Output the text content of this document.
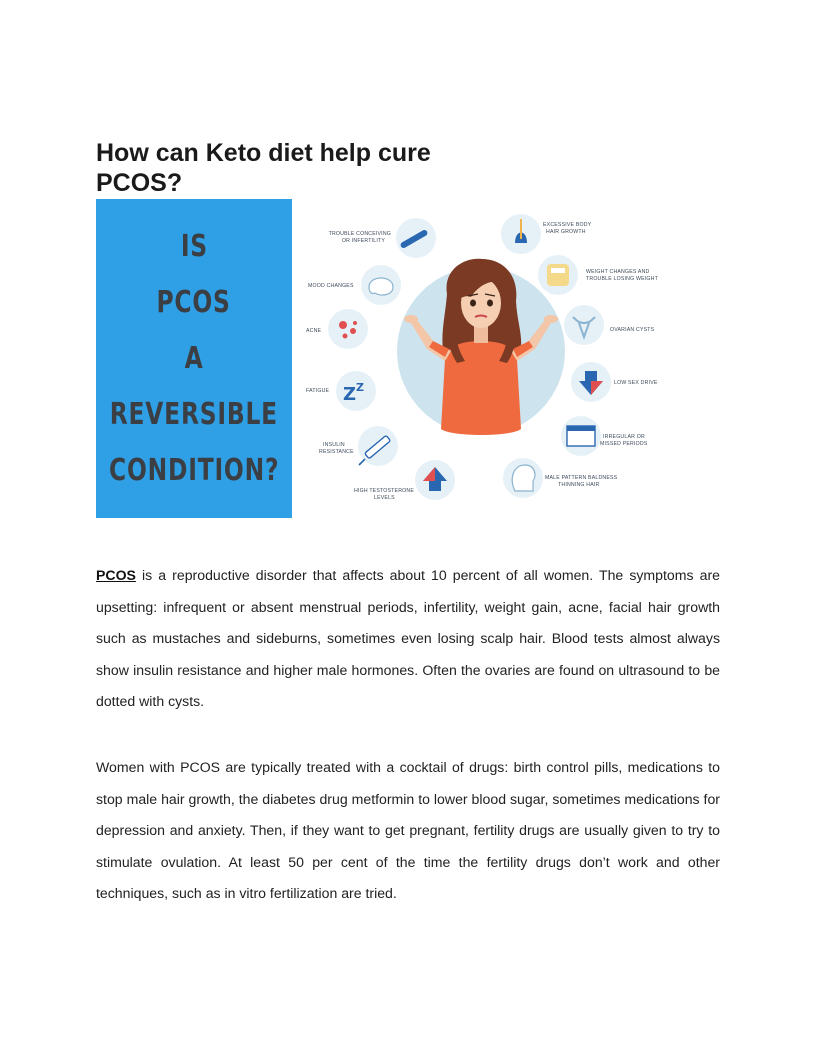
How can Keto diet help cure PCOS?
IS
PCOS
A
REVERSIBLE
CONDITION?
Z Z
TROUBLE CONCEIVING
OR INFERTILITY
EXCESSIVE BODY
HAIR GROWTH
MOOD CHANGES
WEIGHT CHANGES AND
TROUBLE LOSING WEIGHT
ACNE	OVARIAN CYSTS
FATIGUE
LOW SEX DRIVE
INSULIN
RESISTANCE
IRREGULAR OR
MISSED PERIODS
HIGH TESTOSTERONE
LEVELS
MALE PATTERN BALDNESS
THINNING HAIR

PCOS is a reproductive disorder that affects about 10 percent of all women. The symptoms are upsetting: infrequent or absent menstrual periods, infertility, weight gain, acne, facial hair growth such as mustaches and sideburns, sometimes even losing scalp hair. Blood tests almost always show insulin resistance and higher male hormones. Often the ovaries are found on ultrasound to be dotted with cysts.

Women with PCOS are typically treated with a cocktail of drugs: birth control pills, medications to stop male hair growth, the diabetes drug metformin to lower blood sugar, sometimes medications for depression and anxiety. Then, if they want to get pregnant, fertility drugs are usually given to try to stimulate ovulation. At least 50 per cent of the time the fertility drugs don’t work and other techniques, such as in vitro fertilization are tried.
